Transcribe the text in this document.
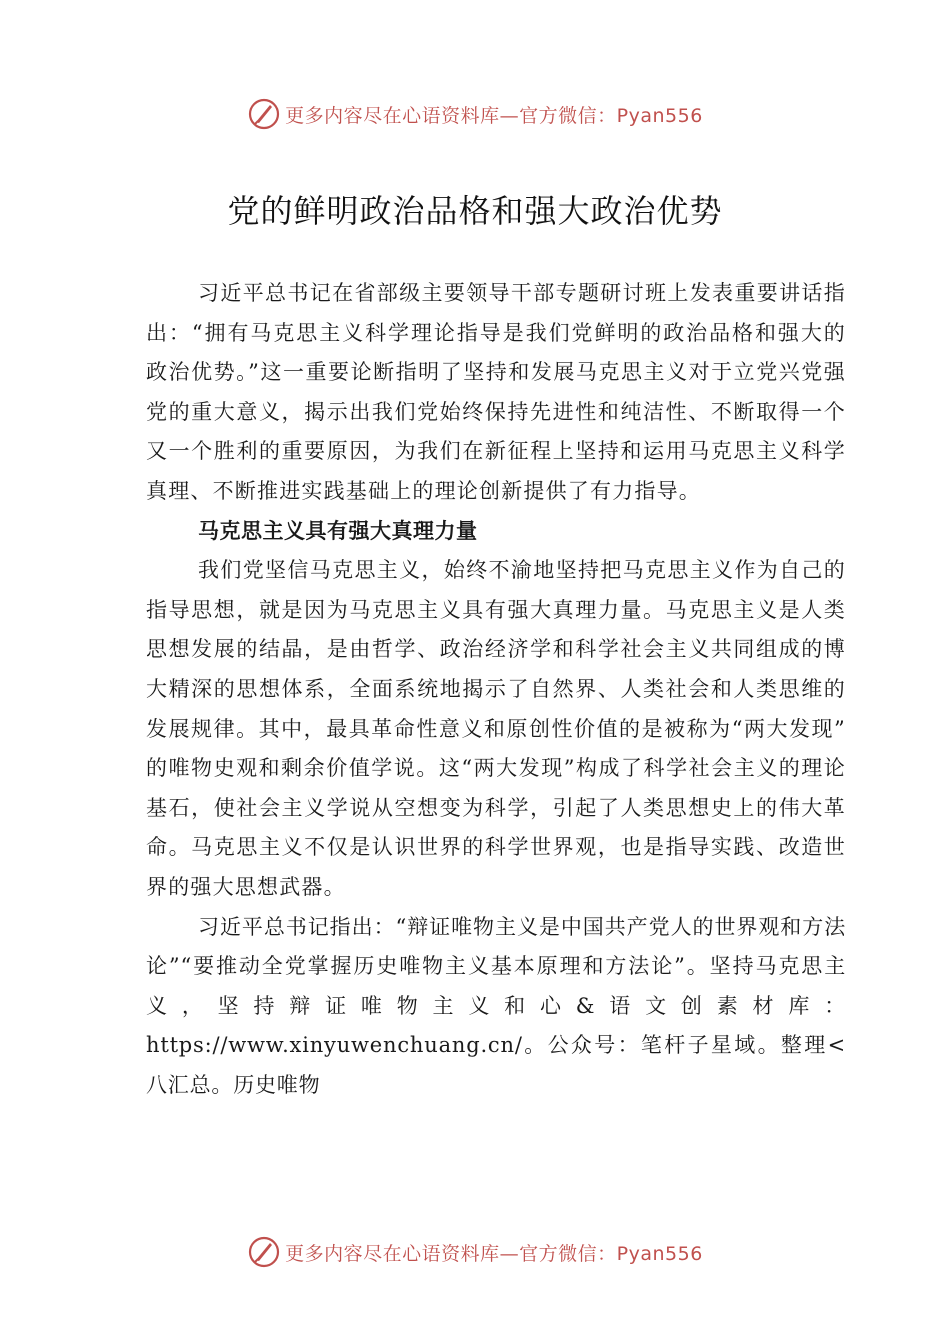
更多内容尽在心语资料库—官方微信：Pyan556
党的鲜明政治品格和强大政治优势

习近平总书记在省部级主要领导干部专题研讨班上发表重要讲话指出：“拥有马克思主义科学理论指导是我们党鲜明的政治品格和强大的政治优势。”这一重要论断指明了坚持和发展马克思主义对于立党兴党强党的重大意义，揭示出我们党始终保持先进性和纯洁性、不断取得一个又一个胜利的重要原因，为我们在新征程上坚持和运用马克思主义科学真理、不断推进实践基础上的理论创新提供了有力指导。

马克思主义具有强大真理力量

我们党坚信马克思主义，始终不渝地坚持把马克思主义作为自己的指导思想，就是因为马克思主义具有强大真理力量。马克思主义是人类思想发展的结晶，是由哲学、政治经济学和科学社会主义共同组成的博大精深的思想体系，全面系统地揭示了自然界、人类社会和人类思维的发展规律。其中，最具革命性意义和原创性价值的是被称为“两大发现” 的唯物史观和剩余价值学说。这“两大发现”构成了科学社会主义的理论基石，使社会主义学说从空想变为科学，引起了人类思想史上的伟大革命。马克思主义不仅是认识世界的科学世界观，也是指导实践、改造世界的强大思想武器。

习近平总书记指出：“辩证唯物主义是中国共产党人的世界观和方法论”“要推动全党掌握历史唯物主义基本原理和方法论”。坚持马克思主义，坚持辩证唯物主义和心&语文创素材库：https://www.xinyuwenchuang.cn/。公众号：笔杆子星域。整理<八汇总。历史唯物

更多内容尽在心语资料库—官方微信：Pyan556
